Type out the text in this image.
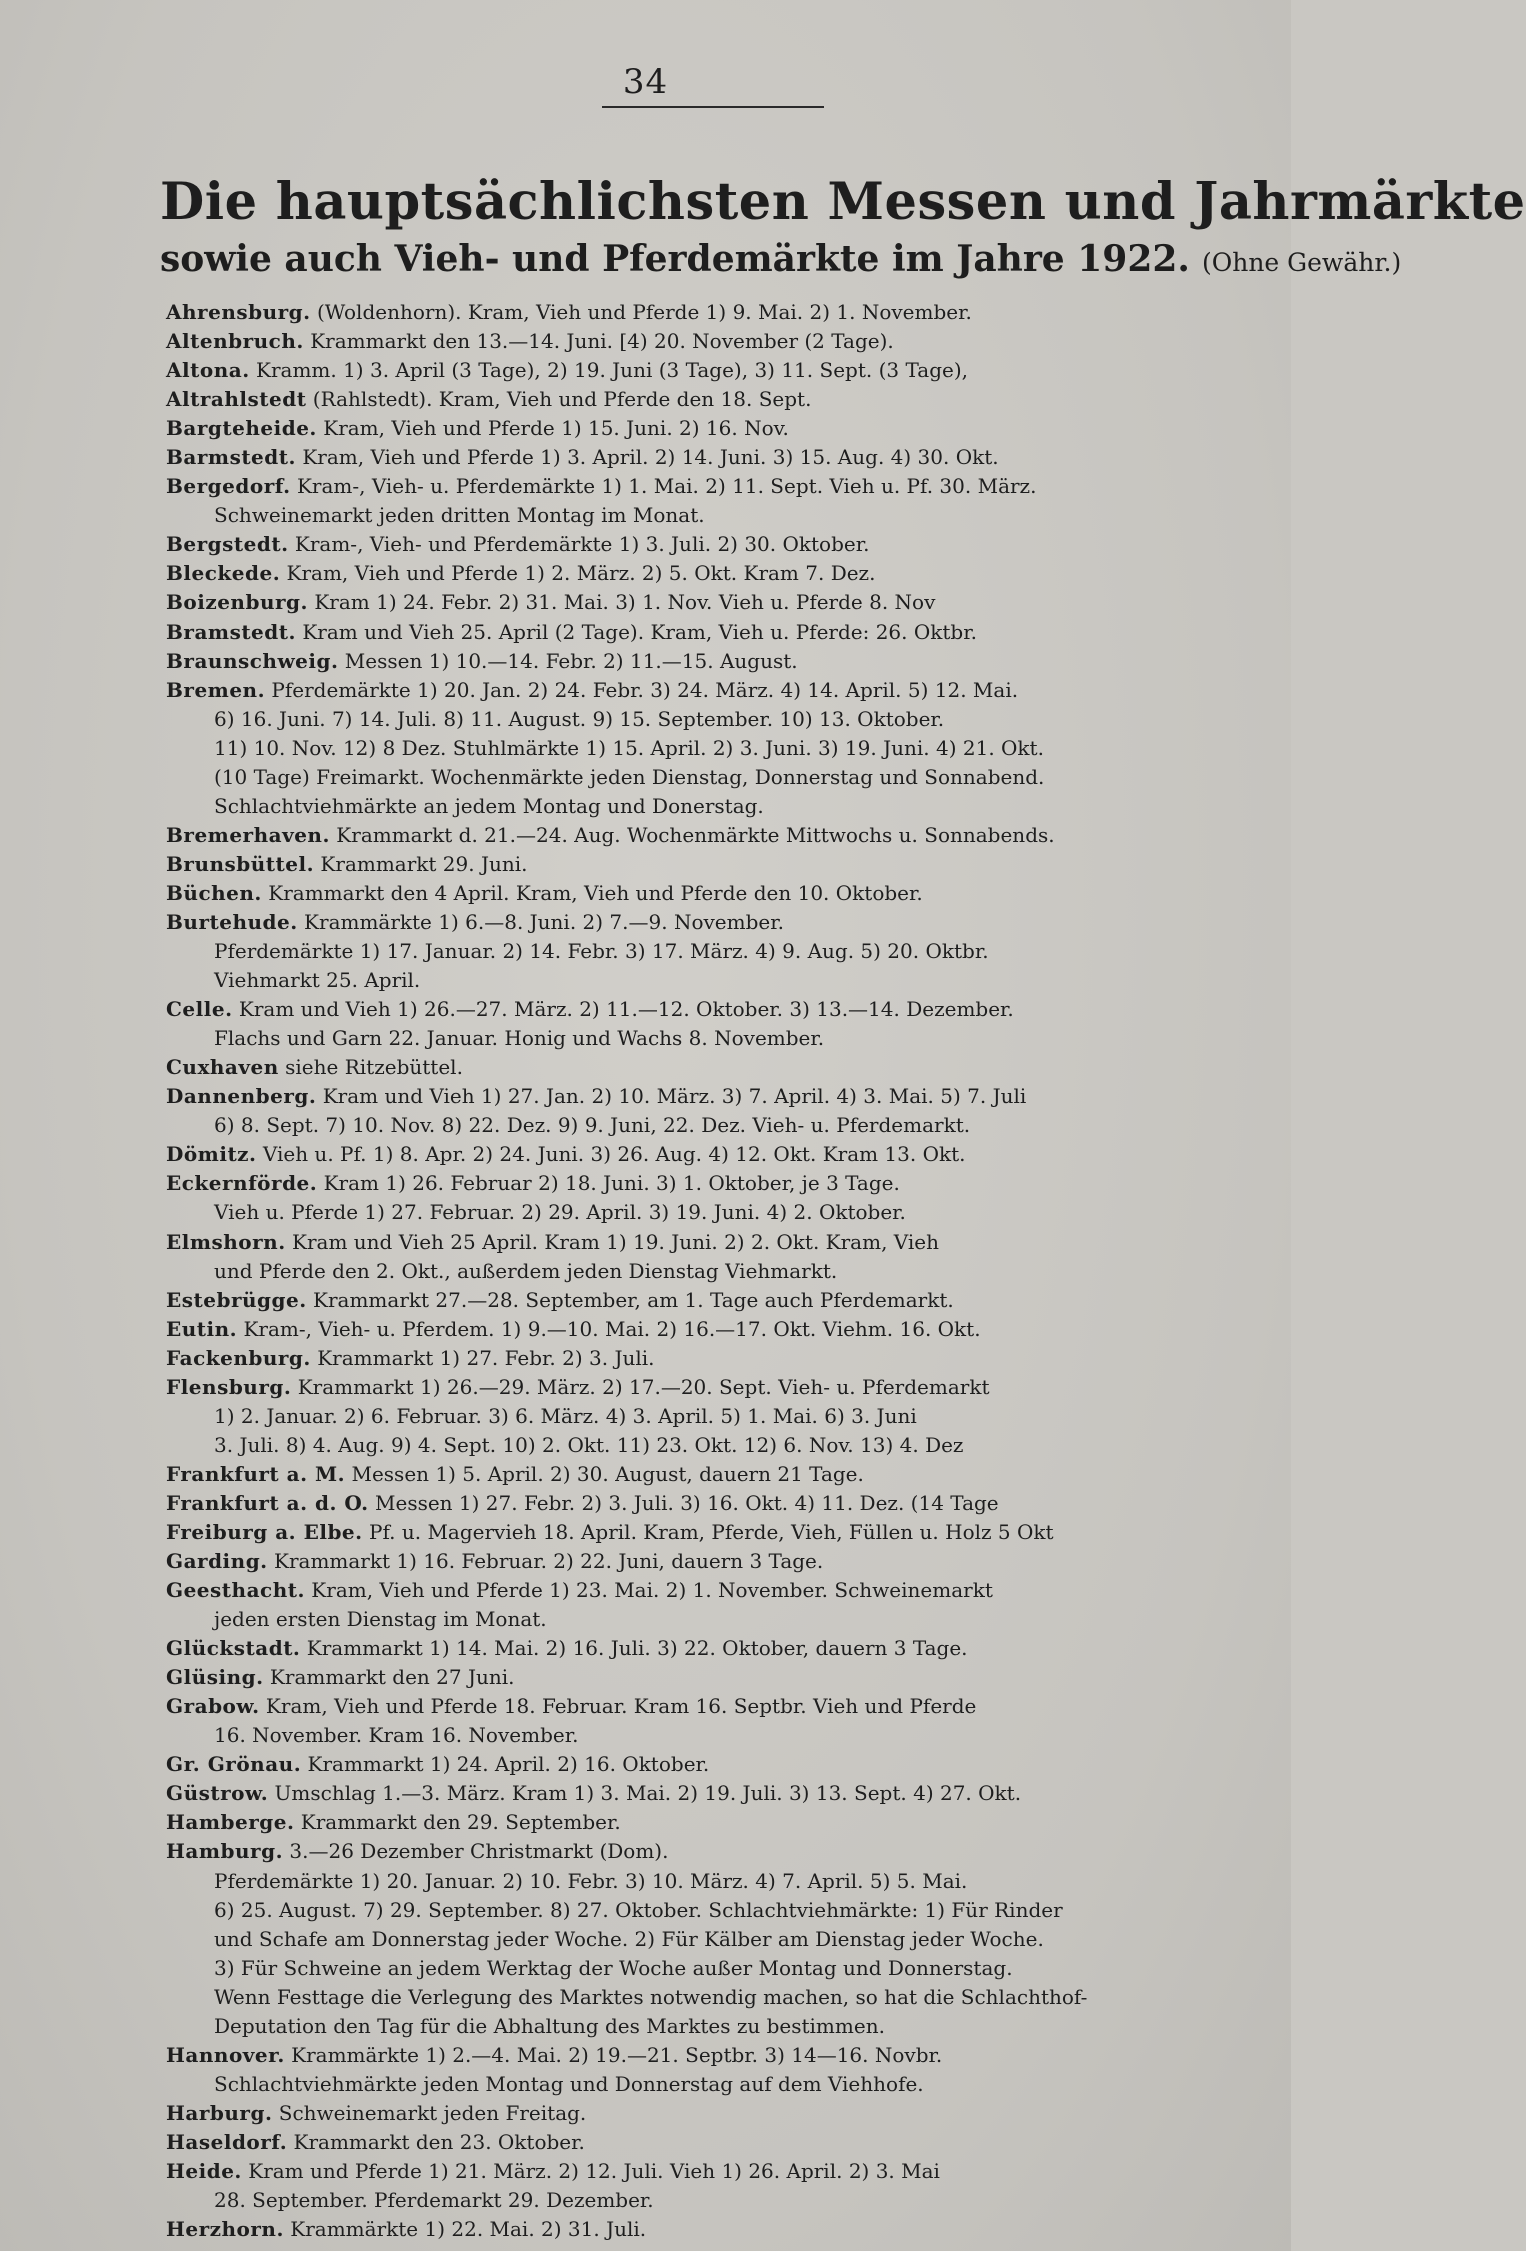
34
Die hauptsächlichsten Messen und Jahrmärkte
sowie auch Vieh- und Pferdemärkte im Jahre 1922. (Ohne Gewähr.)
Ahrensburg. (Woldenhorn). Kram, Vieh und Pferde 1) 9. Mai. 2) 1. November.
Altenbruch. Krammarkt den 13.—14. Juni. [4) 20. November (2 Tage).
Altona. Kramm. 1) 3. April (3 Tage), 2) 19. Juni (3 Tage), 3) 11. Sept. (3 Tage),
Altrahlstedt (Rahlstedt). Kram, Vieh und Pferde den 18. Sept.
Bargteheide. Kram, Vieh und Pferde 1) 15. Juni. 2) 16. Nov.
Barmstedt. Kram, Vieh und Pferde 1) 3. April. 2) 14. Juni. 3) 15. Aug. 4) 30. Okt.
Bergedorf. Kram-, Vieh- u. Pferdemärkte 1) 1. Mai. 2) 11. Sept. Vieh u. Pf. 30. März.
Schweinemarkt jeden dritten Montag im Monat.
Bergstedt. Kram-, Vieh- und Pferdemärkte 1) 3. Juli. 2) 30. Oktober.
Bleckede. Kram, Vieh und Pferde 1) 2. März. 2) 5. Okt. Kram 7. Dez.
Boizenburg. Kram 1) 24. Febr. 2) 31. Mai. 3) 1. Nov. Vieh u. Pferde 8. Nov
Bramstedt. Kram und Vieh 25. April (2 Tage). Kram, Vieh u. Pferde: 26. Oktbr.
Braunschweig. Messen 1) 10.—14. Febr. 2) 11.—15. August.
Bremen. Pferdemärkte 1) 20. Jan. 2) 24. Febr. 3) 24. März. 4) 14. April. 5) 12. Mai.
6) 16. Juni. 7) 14. Juli. 8) 11. August. 9) 15. September. 10) 13. Oktober.
11) 10. Nov. 12) 8 Dez. Stuhlmärkte 1) 15. April. 2) 3. Juni. 3) 19. Juni. 4) 21. Okt.
(10 Tage) Freimarkt. Wochenmärkte jeden Dienstag, Donnerstag und Sonnabend.
Schlachtviehmärkte an jedem Montag und Donerstag.
Bremerhaven. Krammarkt d. 21.—24. Aug. Wochenmärkte Mittwochs u. Sonnabends.
Brunsbüttel. Krammarkt 29. Juni.
Büchen. Krammarkt den 4 April. Kram, Vieh und Pferde den 10. Oktober.
Burtehude. Krammärkte 1) 6.—8. Juni. 2) 7.—9. November.
Pferdemärkte 1) 17. Januar. 2) 14. Febr. 3) 17. März. 4) 9. Aug. 5) 20. Oktbr.
Viehmarkt 25. April.
Celle. Kram und Vieh 1) 26.—27. März. 2) 11.—12. Oktober. 3) 13.—14. Dezember.
Flachs und Garn 22. Januar. Honig und Wachs 8. November.
Cuxhaven siehe Ritzebüttel.
Dannenberg. Kram und Vieh 1) 27. Jan. 2) 10. März. 3) 7. April. 4) 3. Mai. 5) 7. Juli
6) 8. Sept. 7) 10. Nov. 8) 22. Dez. 9) 9. Juni, 22. Dez. Vieh- u. Pferdemarkt.
Dömitz. Vieh u. Pf. 1) 8. Apr. 2) 24. Juni. 3) 26. Aug. 4) 12. Okt. Kram 13. Okt.
Eckernförde. Kram 1) 26. Februar 2) 18. Juni. 3) 1. Oktober, je 3 Tage.
Vieh u. Pferde 1) 27. Februar. 2) 29. April. 3) 19. Juni. 4) 2. Oktober.
Elmshorn. Kram und Vieh 25 April. Kram 1) 19. Juni. 2) 2. Okt. Kram, Vieh
und Pferde den 2. Okt., außerdem jeden Dienstag Viehmarkt.
Estebrügge. Krammarkt 27.—28. September, am 1. Tage auch Pferdemarkt.
Eutin. Kram-, Vieh- u. Pferdem. 1) 9.—10. Mai. 2) 16.—17. Okt. Viehm. 16. Okt.
Fackenburg. Krammarkt 1) 27. Febr. 2) 3. Juli.
Flensburg. Krammarkt 1) 26.—29. März. 2) 17.—20. Sept. Vieh- u. Pferdemarkt
1) 2. Januar. 2) 6. Februar. 3) 6. März. 4) 3. April. 5) 1. Mai. 6) 3. Juni
3. Juli. 8) 4. Aug. 9) 4. Sept. 10) 2. Okt. 11) 23. Okt. 12) 6. Nov. 13) 4. Dez
Frankfurt a. M. Messen 1) 5. April. 2) 30. August, dauern 21 Tage.
Frankfurt a. d. O. Messen 1) 27. Febr. 2) 3. Juli. 3) 16. Okt. 4) 11. Dez. (14 Tage
Freiburg a. Elbe. Pf. u. Magervieh 18. April. Kram, Pferde, Vieh, Füllen u. Holz 5 Okt
Garding. Krammarkt 1) 16. Februar. 2) 22. Juni, dauern 3 Tage.
Geesthacht. Kram, Vieh und Pferde 1) 23. Mai. 2) 1. November. Schweinemarkt
jeden ersten Dienstag im Monat.
Glückstadt. Krammarkt 1) 14. Mai. 2) 16. Juli. 3) 22. Oktober, dauern 3 Tage.
Glüsing. Krammarkt den 27 Juni.
Grabow. Kram, Vieh und Pferde 18. Februar. Kram 16. Septbr. Vieh und Pferde
16. November. Kram 16. November.
Gr. Grönau. Krammarkt 1) 24. April. 2) 16. Oktober.
Güstrow. Umschlag 1.—3. März. Kram 1) 3. Mai. 2) 19. Juli. 3) 13. Sept. 4) 27. Okt.
Hamberge. Krammarkt den 29. September.
Hamburg. 3.—26 Dezember Christmarkt (Dom).
Pferdemärkte 1) 20. Januar. 2) 10. Febr. 3) 10. März. 4) 7. April. 5) 5. Mai.
6) 25. August. 7) 29. September. 8) 27. Oktober. Schlachtviehmärkte: 1) Für Rinder
und Schafe am Donnerstag jeder Woche. 2) Für Kälber am Dienstag jeder Woche.
3) Für Schweine an jedem Werktag der Woche außer Montag und Donnerstag.
Wenn Festtage die Verlegung des Marktes notwendig machen, so hat die Schlachthof-
Deputation den Tag für die Abhaltung des Marktes zu bestimmen.
Hannover. Krammärkte 1) 2.—4. Mai. 2) 19.—21. Septbr. 3) 14—16. Novbr.
Schlachtviehmärkte jeden Montag und Donnerstag auf dem Viehhofe.
Harburg. Schweinemarkt jeden Freitag.
Haseldorf. Krammarkt den 23. Oktober.
Heide. Kram und Pferde 1) 21. März. 2) 12. Juli. Vieh 1) 26. April. 2) 3. Mai
28. September. Pferdemarkt 29. Dezember.
Herzhorn. Krammärkte 1) 22. Mai. 2) 31. Juli.
